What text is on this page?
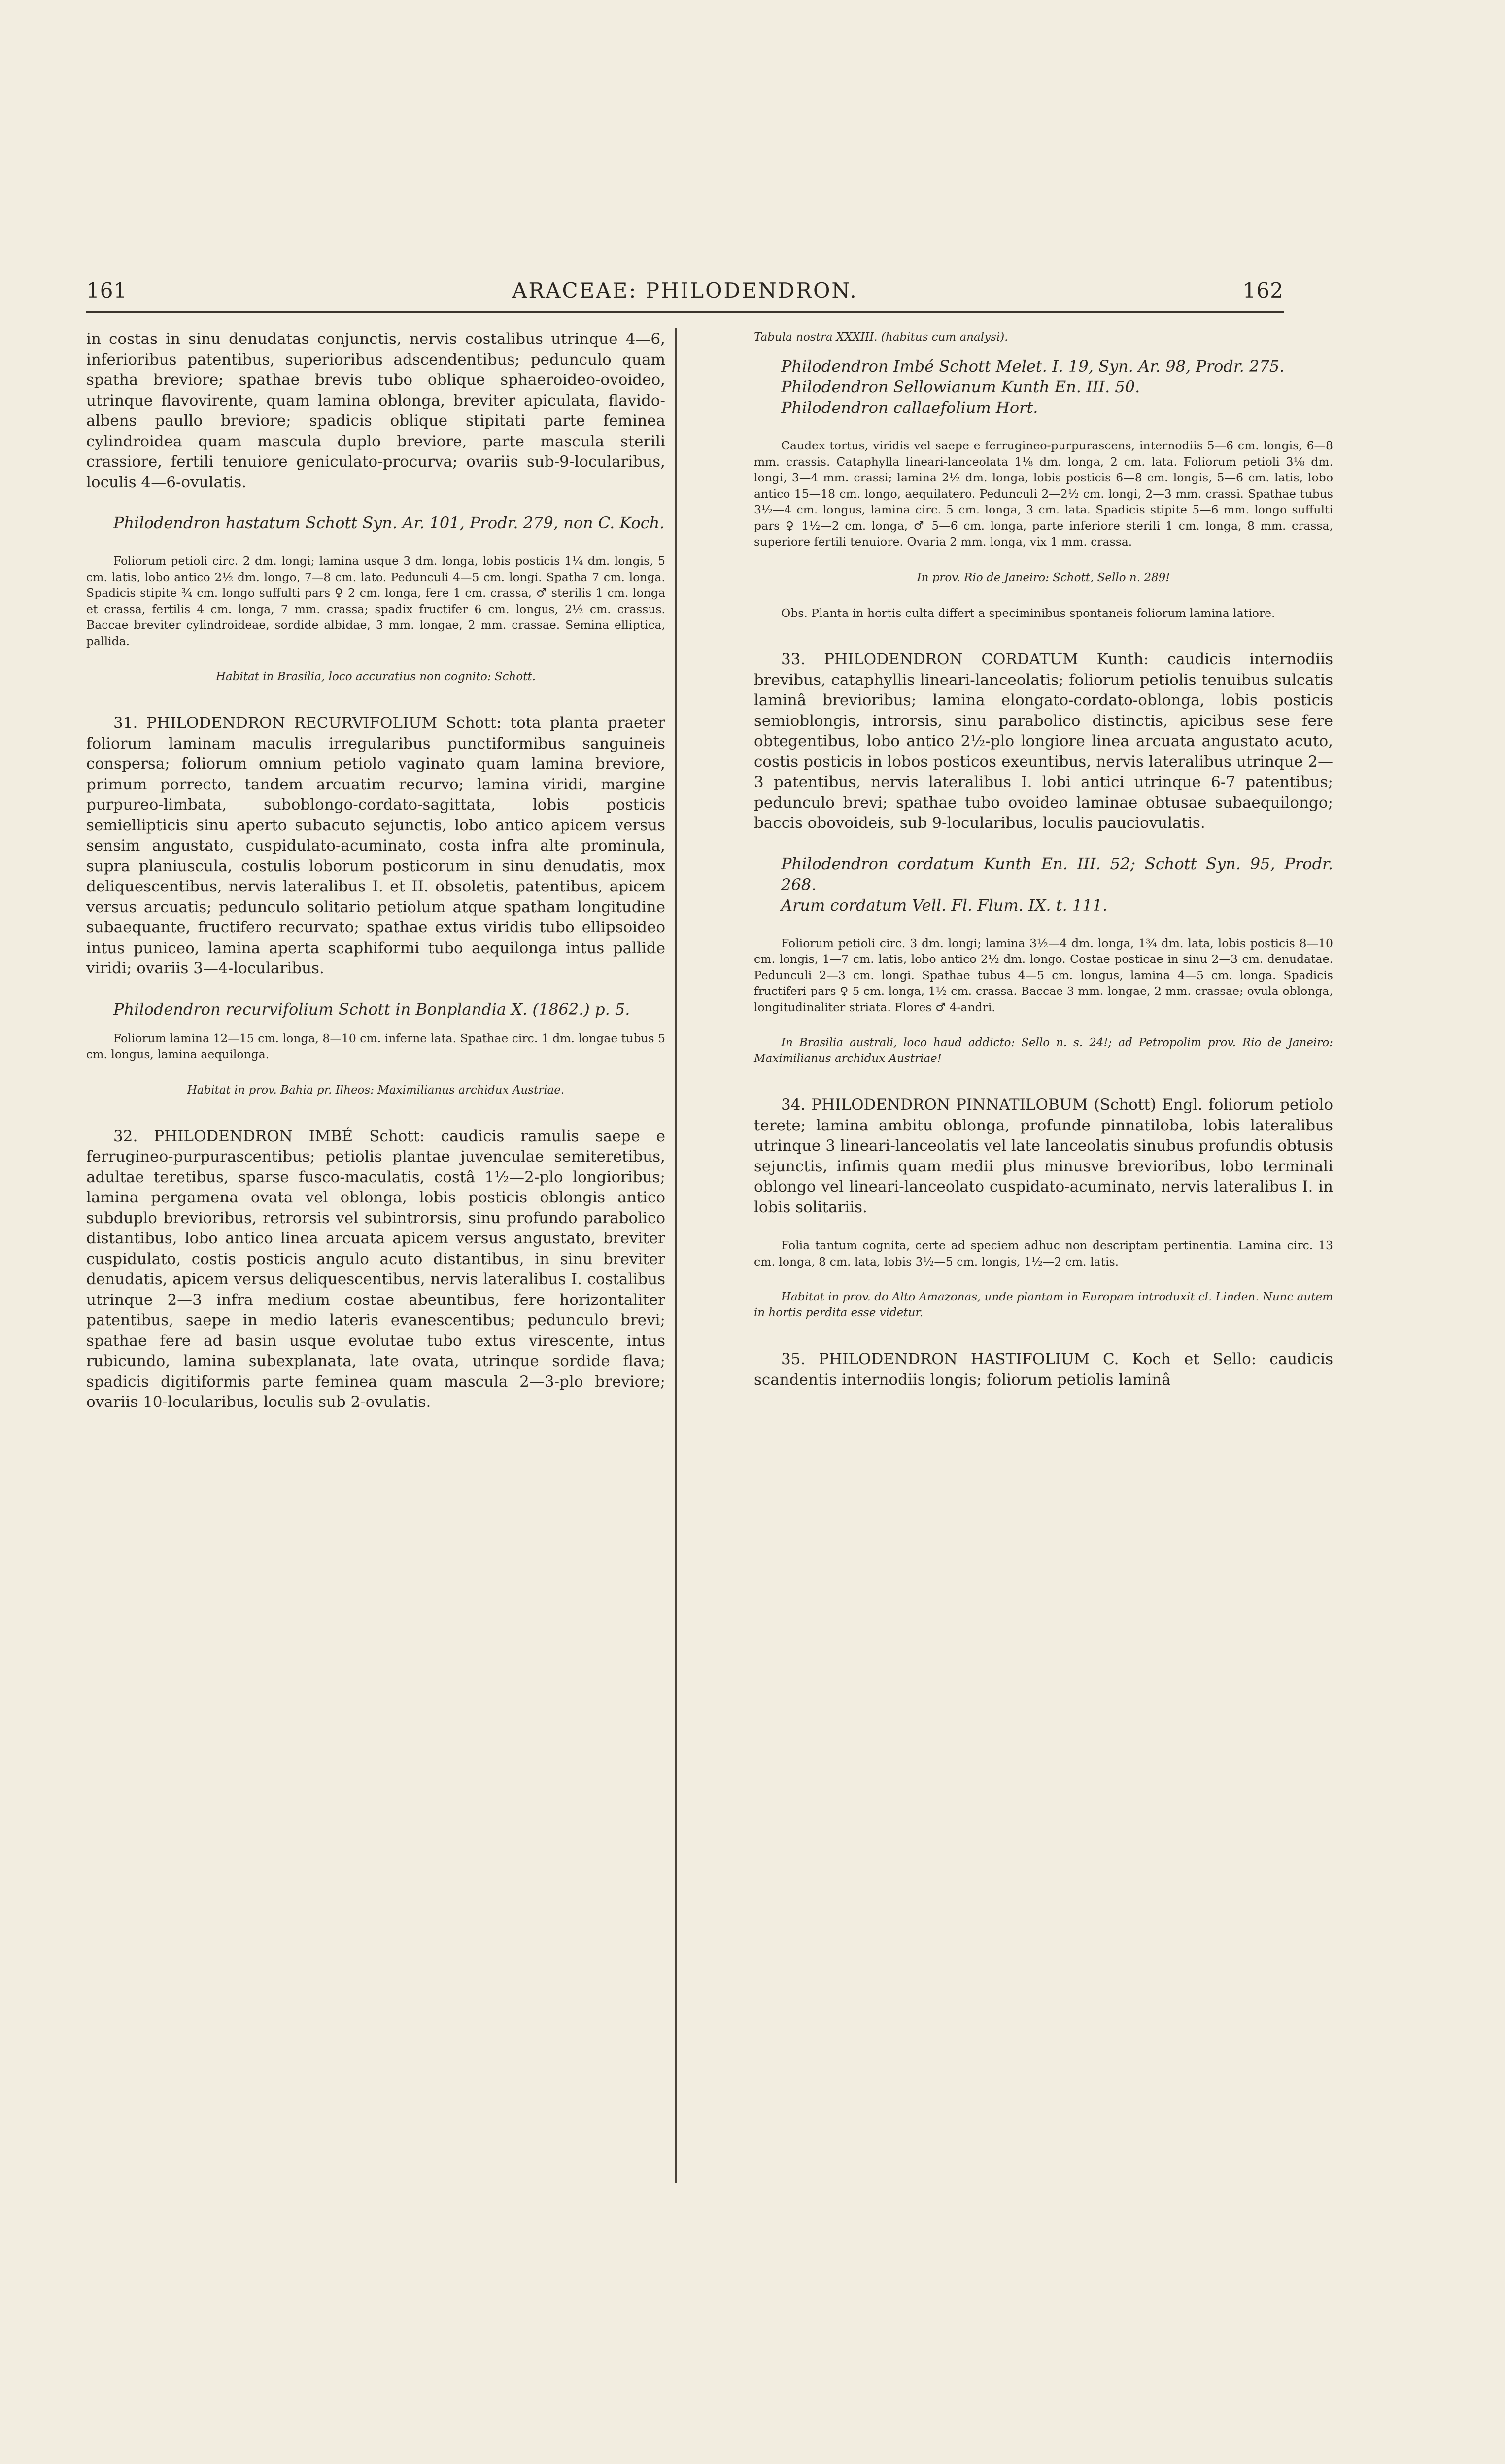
161	ARACEAE: PHILODENDRON.	162

in costas in sinu denudatas conjunctis, nervis costalibus utrinque 4—6, inferioribus patentibus, superioribus adscendentibus; pedunculo quam spatha breviore; spathae brevis tubo oblique sphaeroideo-ovoideo, utrinque flavovirente, quam lamina oblonga, breviter apiculata, flavido-albens paullo breviore; spadicis oblique stipitati parte feminea cylindroidea quam mascula duplo breviore, parte mascula sterili crassiore, fertili tenuiore geniculato-procurva; ovariis sub-9-locularibus, loculis 4—6-ovulatis.

Philodendron hastatum Schott Syn. Ar. 101, Prodr. 279, non C. Koch.

Foliorum petioli circ. 2 dm. longi; lamina usque 3 dm. longa, lobis posticis 1¼ dm. longis, 5 cm. latis, lobo antico 2½ dm. longo, 7—8 cm. lato. Pedunculi 4—5 cm. longi. Spatha 7 cm. longa. Spadicis stipite ¾ cm. longo suffulti pars ♀ 2 cm. longa, fere 1 cm. crassa, ♂ sterilis 1 cm. longa et crassa, fertilis 4 cm. longa, 7 mm. crassa; spadix fructifer 6 cm. longus, 2½ cm. crassus. Baccae breviter cylindroideae, sordide albidae, 3 mm. longae, 2 mm. crassae. Semina elliptica, pallida.

Habitat in Brasilia, loco accuratius non cognito: Schott.

31. PHILODENDRON RECURVIFOLIUM Schott: tota planta praeter foliorum laminam maculis irregularibus punctiformibus sanguineis conspersa; foliorum omnium petiolo vaginato quam lamina breviore, primum porrecto, tandem arcuatim recurvo; lamina viridi, margine purpureo-limbata, suboblongo-cordato-sagittata, lobis posticis semiellipticis sinu aperto subacuto sejunctis, lobo antico apicem versus sensim angustato, cuspidulato-acuminato, costa infra alte prominula, supra planiuscula, costulis loborum posticorum in sinu denudatis, mox deliquescentibus, nervis lateralibus I. et II. obsoletis, patentibus, apicem versus arcuatis; pedunculo solitario petiolum atque spatham longitudine subaequante, fructifero recurvato; spathae extus viridis tubo ellipsoideo intus puniceo, lamina aperta scaphiformi tubo aequilonga intus pallide viridi; ovariis 3—4-locularibus.

Philodendron recurvifolium Schott in Bonplandia X. (1862.) p. 5.

Foliorum lamina 12—15 cm. longa, 8—10 cm. inferne lata. Spathae circ. 1 dm. longae tubus 5 cm. longus, lamina aequilonga.

Habitat in prov. Bahia pr. Ilheos: Maximilianus archidux Austriae.

32. PHILODENDRON IMBÉ Schott: caudicis ramulis saepe e ferrugineo-purpurascentibus; petiolis plantae juvenculae semiteretibus, adultae teretibus, sparse fusco-maculatis, costâ 1½—2-plo longioribus; lamina pergamena ovata vel oblonga, lobis posticis oblongis antico subduplo brevioribus, retrorsis vel subintrorsis, sinu profundo parabolico distantibus, lobo antico linea arcuata apicem versus angustato, breviter cuspidulato, costis posticis angulo acuto distantibus, in sinu breviter denudatis, apicem versus deliquescentibus, nervis lateralibus I. costalibus utrinque 2—3 infra medium costae abeuntibus, fere horizontaliter patentibus, saepe in medio lateris evanescentibus; pedunculo brevi; spathae fere ad basin usque evolutae tubo extus virescente, intus rubicundo, lamina subexplanata, late ovata, utrinque sordide flava; spadicis digitiformis parte feminea quam mascula 2—3-plo breviore; ovariis 10-locularibus, loculis sub 2-ovulatis.

Tabula nostra XXXIII. (habitus cum analysi).

Philodendron Imbé Schott Melet. I. 19, Syn. Ar. 98, Prodr. 275.

Philodendron Sellowianum Kunth En. III. 50.

Philodendron callaefolium Hort.

Caudex tortus, viridis vel saepe e ferrugineo-purpurascens, internodiis 5—6 cm. longis, 6—8 mm. crassis. Cataphylla lineari-lanceolata 1⅛ dm. longa, 2 cm. lata. Foliorum petioli 3⅛ dm. longi, 3—4 mm. crassi; lamina 2½ dm. longa, lobis posticis 6—8 cm. longis, 5—6 cm. latis, lobo antico 15—18 cm. longo, aequilatero. Pedunculi 2—2½ cm. longi, 2—3 mm. crassi. Spathae tubus 3½—4 cm. longus, lamina circ. 5 cm. longa, 3 cm. lata. Spadicis stipite 5—6 mm. longo suffulti pars ♀ 1½—2 cm. longa, ♂ 5—6 cm. longa, parte inferiore sterili 1 cm. longa, 8 mm. crassa, superiore fertili tenuiore. Ovaria 2 mm. longa, vix 1 mm. crassa.

In prov. Rio de Janeiro: Schott, Sello n. 289!

Obs. Planta in hortis culta differt a speciminibus spontaneis foliorum lamina latiore.

33. PHILODENDRON CORDATUM Kunth: caudicis internodiis brevibus, cataphyllis lineari-lanceolatis; foliorum petiolis tenuibus sulcatis laminâ brevioribus; lamina elongato-cordato-oblonga, lobis posticis semioblongis, introrsis, sinu parabolico distinctis, apicibus sese fere obtegentibus, lobo antico 2½-plo longiore linea arcuata angustato acuto, costis posticis in lobos posticos exeuntibus, nervis lateralibus utrinque 2—3 patentibus, nervis lateralibus I. lobi antici utrinque 6-7 patentibus; pedunculo brevi; spathae tubo ovoideo laminae obtusae subaequilongo; baccis obovoideis, sub 9-locularibus, loculis pauciovulatis.

Philodendron cordatum Kunth En. III. 52; Schott Syn. 95, Prodr. 268.

Arum cordatum Vell. Fl. Flum. IX. t. 111.

Foliorum petioli circ. 3 dm. longi; lamina 3½—4 dm. longa, 1¾ dm. lata, lobis posticis 8—10 cm. longis, 1—7 cm. latis, lobo antico 2½ dm. longo. Costae posticae in sinu 2—3 cm. denudatae. Pedunculi 2—3 cm. longi. Spathae tubus 4—5 cm. longus, lamina 4—5 cm. longa. Spadicis fructiferi pars ♀ 5 cm. longa, 1½ cm. crassa. Baccae 3 mm. longae, 2 mm. crassae; ovula oblonga, longitudinaliter striata. Flores ♂ 4-andri.

In Brasilia australi, loco haud addicto: Sello n. s. 24!; ad Petropolim prov. Rio de Janeiro: Maximilianus archidux Austriae!

34. PHILODENDRON PINNATILOBUM (Schott) Engl. foliorum petiolo terete; lamina ambitu oblonga, profunde pinnatiloba, lobis lateralibus utrinque 3 lineari-lanceolatis vel late lanceolatis sinubus profundis obtusis sejunctis, infimis quam medii plus minusve brevioribus, lobo terminali oblongo vel lineari-lanceolato cuspidato-acuminato, nervis lateralibus I. in lobis solitariis.

Folia tantum cognita, certe ad speciem adhuc non descriptam pertinentia. Lamina circ. 13 cm. longa, 8 cm. lata, lobis 3½—5 cm. longis, 1½—2 cm. latis.

Habitat in prov. do Alto Amazonas, unde plantam in Europam introduxit cl. Linden. Nunc autem in hortis perdita esse videtur.

35. PHILODENDRON HASTIFOLIUM C. Koch et Sello: caudicis scandentis internodiis longis; foliorum petiolis laminâ
